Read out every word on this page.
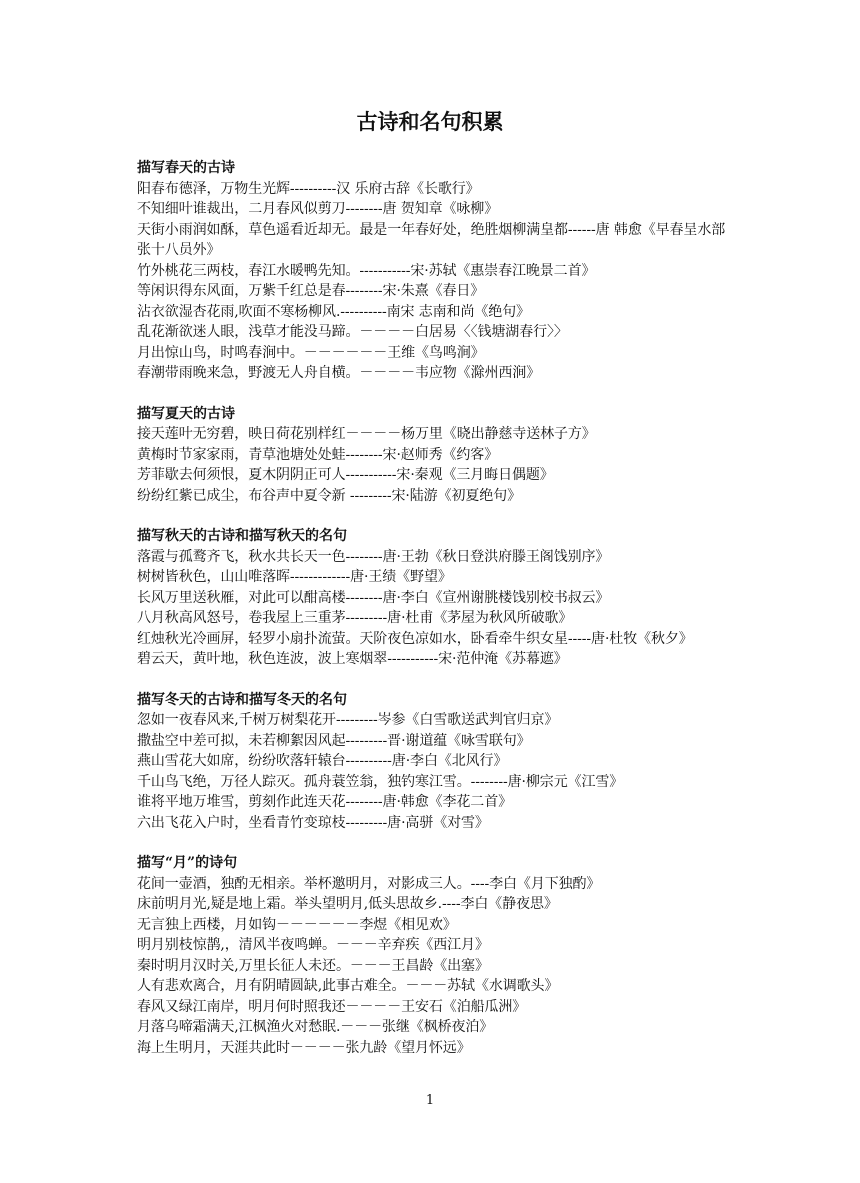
古诗和名句积累
描写春天的古诗
阳春布德泽，万物生光辉----------汉 乐府古辞《长歌行》
不知细叶谁裁出，二月春风似剪刀--------唐 贺知章《咏柳》
天街小雨润如酥，草色遥看近却无。最是一年春好处，绝胜烟柳满皇都------唐 韩愈《早春呈水部张十八员外》
竹外桃花三两枝，春江水暖鸭先知。-----------宋·苏轼《惠崇春江晚景二首》
等闲识得东风面，万紫千红总是春--------宋·朱熹《春日》
沾衣欲湿杏花雨,吹面不寒杨柳风.----------南宋 志南和尚《绝句》
乱花渐欲迷人眼，浅草才能没马蹄。－－－－白居易〈〈钱塘湖春行〉〉
月出惊山鸟，时鸣春涧中。－－－－－－王维《鸟鸣涧》
春潮带雨晚来急，野渡无人舟自横。－－－－韦应物《滁州西涧》
描写夏天的古诗
接天莲叶无穷碧，映日荷花别样红－－－－杨万里《晓出静慈寺送林子方》
黄梅时节家家雨，青草池塘处处蛙--------宋·赵师秀《约客》
芳菲歇去何须恨，夏木阴阴正可人-----------宋·秦观《三月晦日偶题》
纷纷红紫已成尘，布谷声中夏令新 ---------宋·陆游《初夏绝句》
描写秋天的古诗和描写秋天的名句
落霞与孤鹜齐飞，秋水共长天一色--------唐·王勃《秋日登洪府滕王阁饯别序》
树树皆秋色，山山唯落晖-------------唐·王绩《野望》
长风万里送秋雁，对此可以酣高楼--------唐·李白《宣州谢朓楼饯别校书叔云》
八月秋高风怒号，卷我屋上三重茅---------唐·杜甫《茅屋为秋风所破歌》
红烛秋光冷画屏，轻罗小扇扑流萤。天阶夜色凉如水，卧看牵牛织女星-----唐·杜牧《秋夕》
碧云天，黄叶地，秋色连波，波上寒烟翠-----------宋·范仲淹《苏幕遮》
描写冬天的古诗和描写冬天的名句
忽如一夜春风来,千树万树梨花开---------岑参《白雪歌送武判官归京》
撒盐空中差可拟，未若柳絮因风起---------晋·谢道蕴《咏雪联句》
燕山雪花大如席，纷纷吹落轩辕台----------唐·李白《北风行》
千山鸟飞绝，万径人踪灭。孤舟蓑笠翁，独钓寒江雪。--------唐·柳宗元《江雪》
谁将平地万堆雪，剪刻作此连天花--------唐·韩愈《李花二首》
六出飞花入户时，坐看青竹变琼枝---------唐·高骈《对雪》
描写“月”的诗句
花间一壶酒，独酌无相亲。举杯邀明月，对影成三人。----李白《月下独酌》
床前明月光,疑是地上霜。举头望明月,低头思故乡.----李白《静夜思》
无言独上西楼，月如钩－－－－－－李煜《相见欢》
明月别枝惊鹊,，清风半夜鸣蝉。－－－辛弃疾《西江月》
秦时明月汉时关,万里长征人未还。－－－王昌龄《出塞》
人有悲欢离合，月有阴晴圆缺,此事古难全。－－－苏轼《水调歌头》
春风又绿江南岸，明月何时照我还－－－－王安石《泊船瓜洲》
月落乌啼霜满天,江枫渔火对愁眠.－－－张继《枫桥夜泊》
海上生明月，天涯共此时－－－－张九龄《望月怀远》
1
